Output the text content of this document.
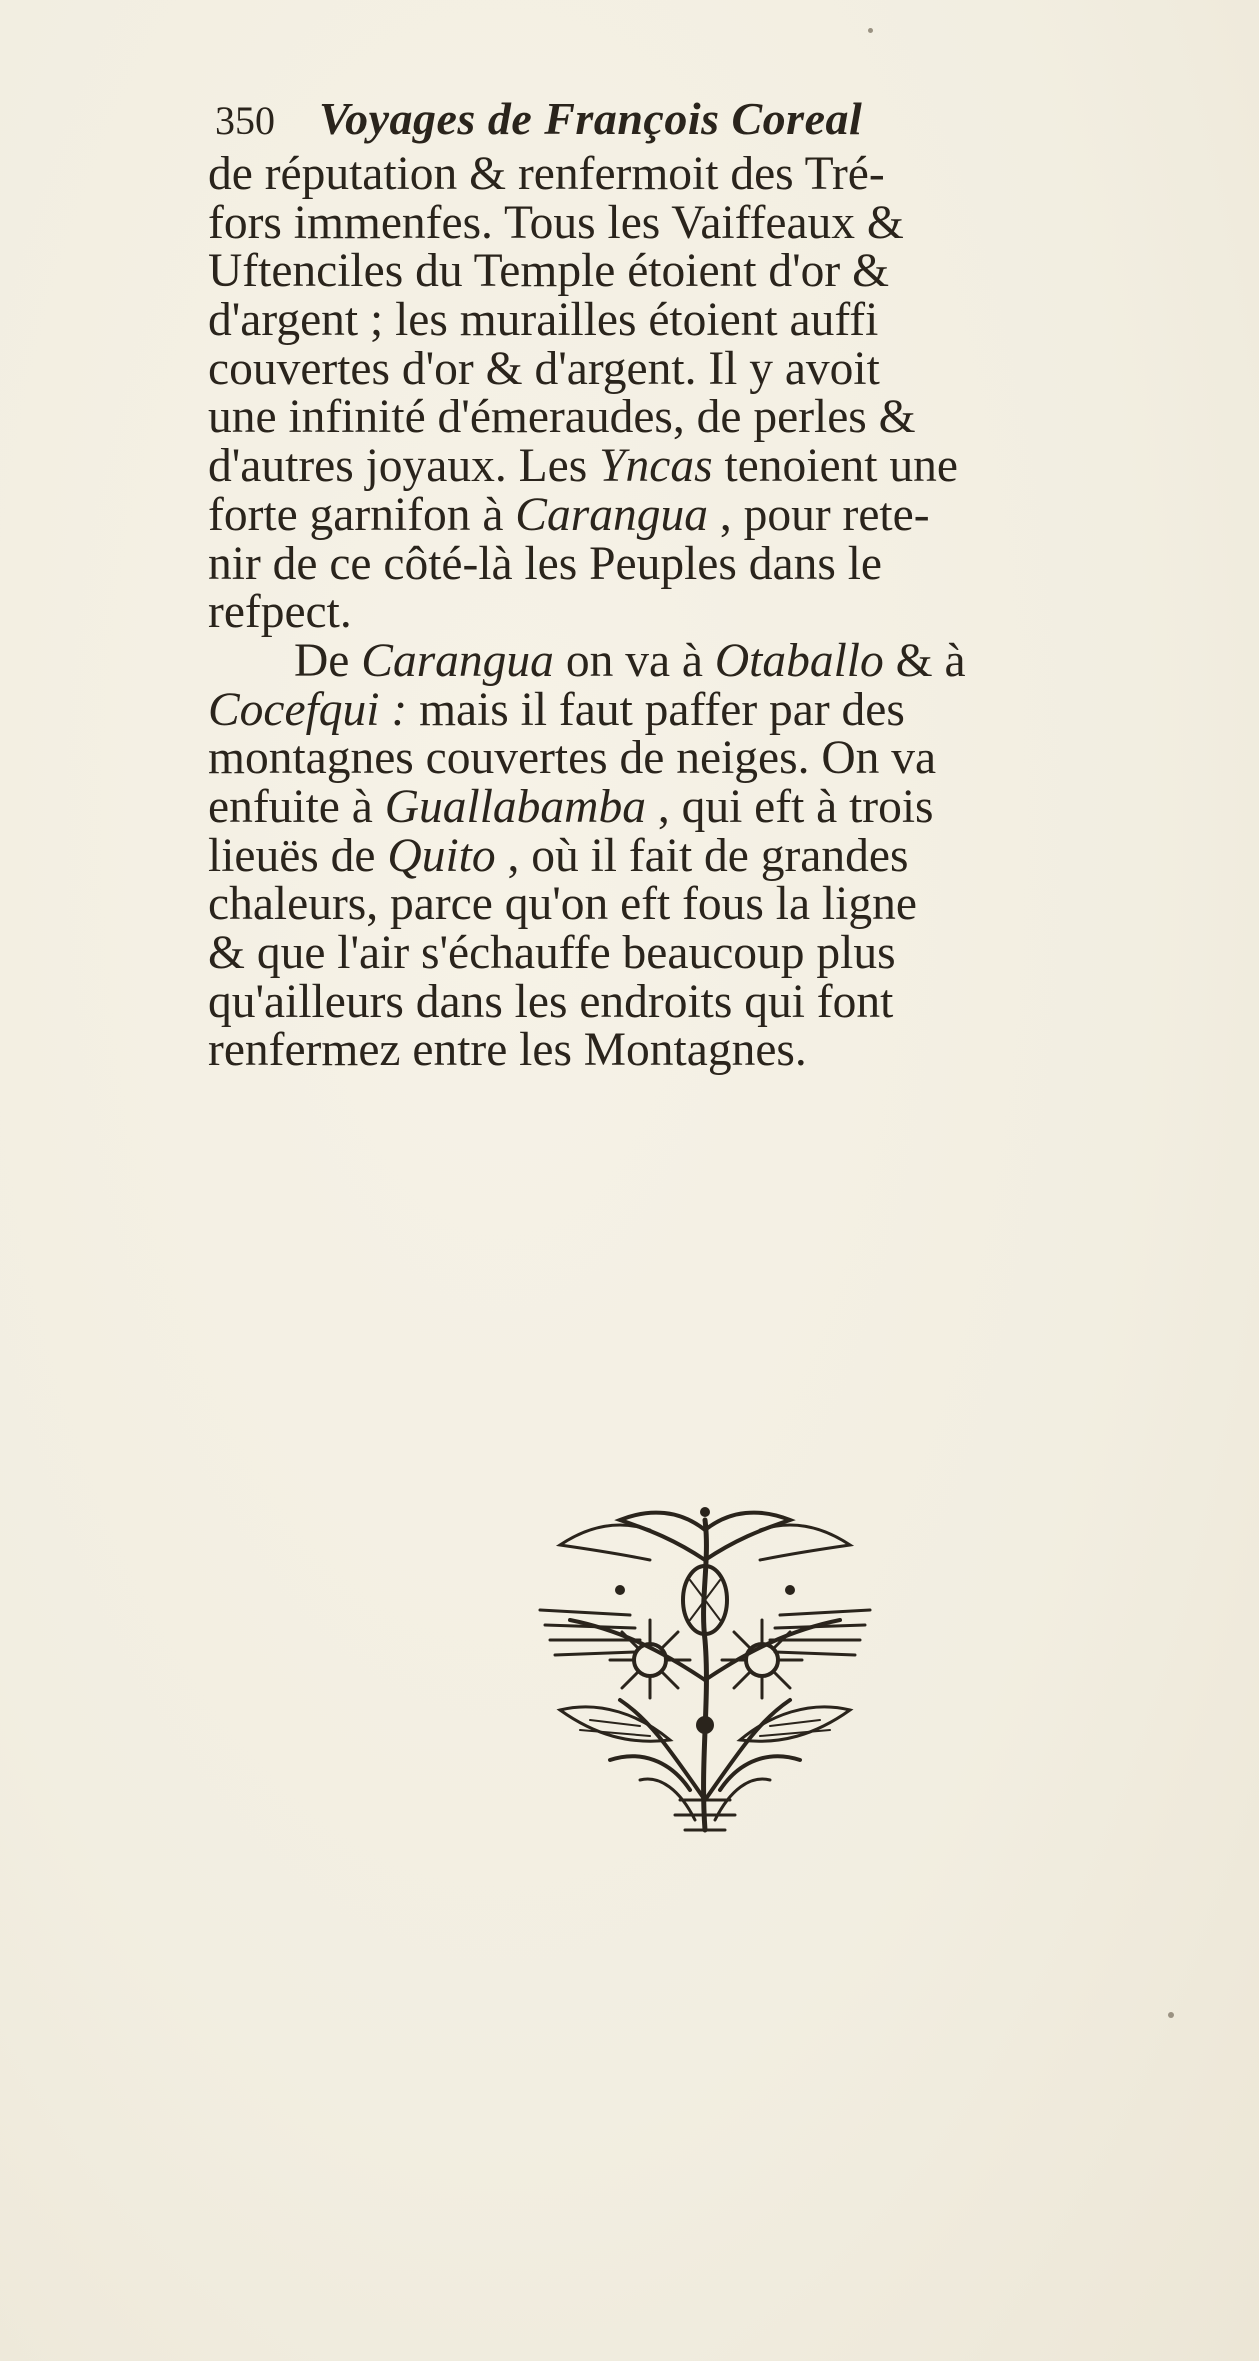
350 Voyages de François Coreal
de réputation & renfermoit des Tré-
fors immenfes. Tous les Vaiffeaux &
Uftenciles du Temple étoient d'or &
d'argent ; les murailles étoient auffi
couvertes d'or & d'argent. Il y avoit
une infinité d'émeraudes, de perles &
d'autres joyaux. Les Yncas tenoient une
forte garnifon à Carangua , pour rete-
nir de ce côté-là les Peuples dans le
refpect.
De Carangua on va à Otaballo & à
Cocefqui : mais il faut paffer par des
montagnes couvertes de neiges. On va
enfuite à Guallabamba , qui eft à trois
lieuës de Quito , où il fait de grandes
chaleurs, parce qu'on eft fous la ligne
& que l'air s'échauffe beaucoup plus
qu'ailleurs dans les endroits qui font
renfermez entre les Montagnes.
